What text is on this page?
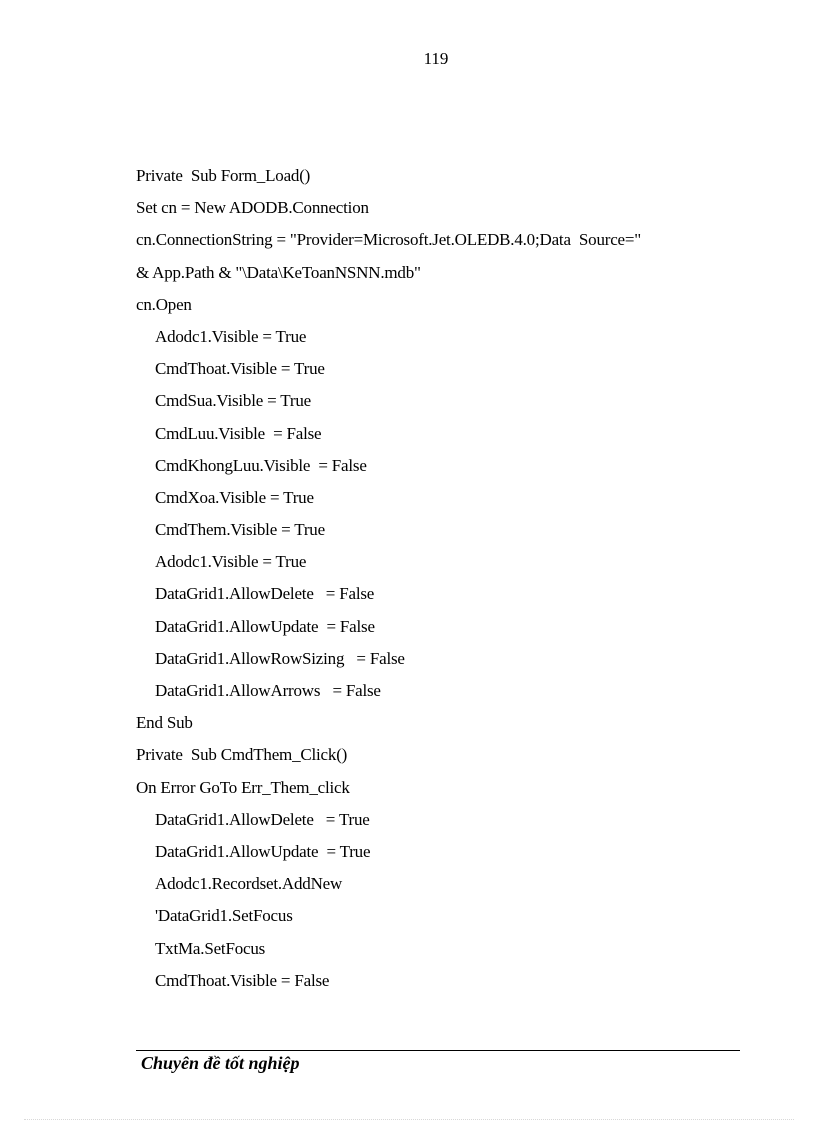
119
Private  Sub Form_Load()
Set cn = New ADODB.Connection
cn.ConnectionString = "Provider=Microsoft.Jet.OLEDB.4.0;Data  Source="
& App.Path & "\Data\KeToanNSNN.mdb"
cn.Open
Adodc1.Visible = True
CmdThoat.Visible = True
CmdSua.Visible = True
CmdLuu.Visible  = False
CmdKhongLuu.Visible  = False
CmdXoa.Visible = True
CmdThem.Visible = True
Adodc1.Visible = True
DataGrid1.AllowDelete   = False
DataGrid1.AllowUpdate  = False
DataGrid1.AllowRowSizing   = False
DataGrid1.AllowArrows   = False
End Sub
Private  Sub CmdThem_Click()
On Error GoTo Err_Them_click
DataGrid1.AllowDelete   = True
DataGrid1.AllowUpdate  = True
Adodc1.Recordset.AddNew
'DataGrid1.SetFocus
TxtMa.SetFocus
CmdThoat.Visible = False
Chuyên đề tốt nghiệp
